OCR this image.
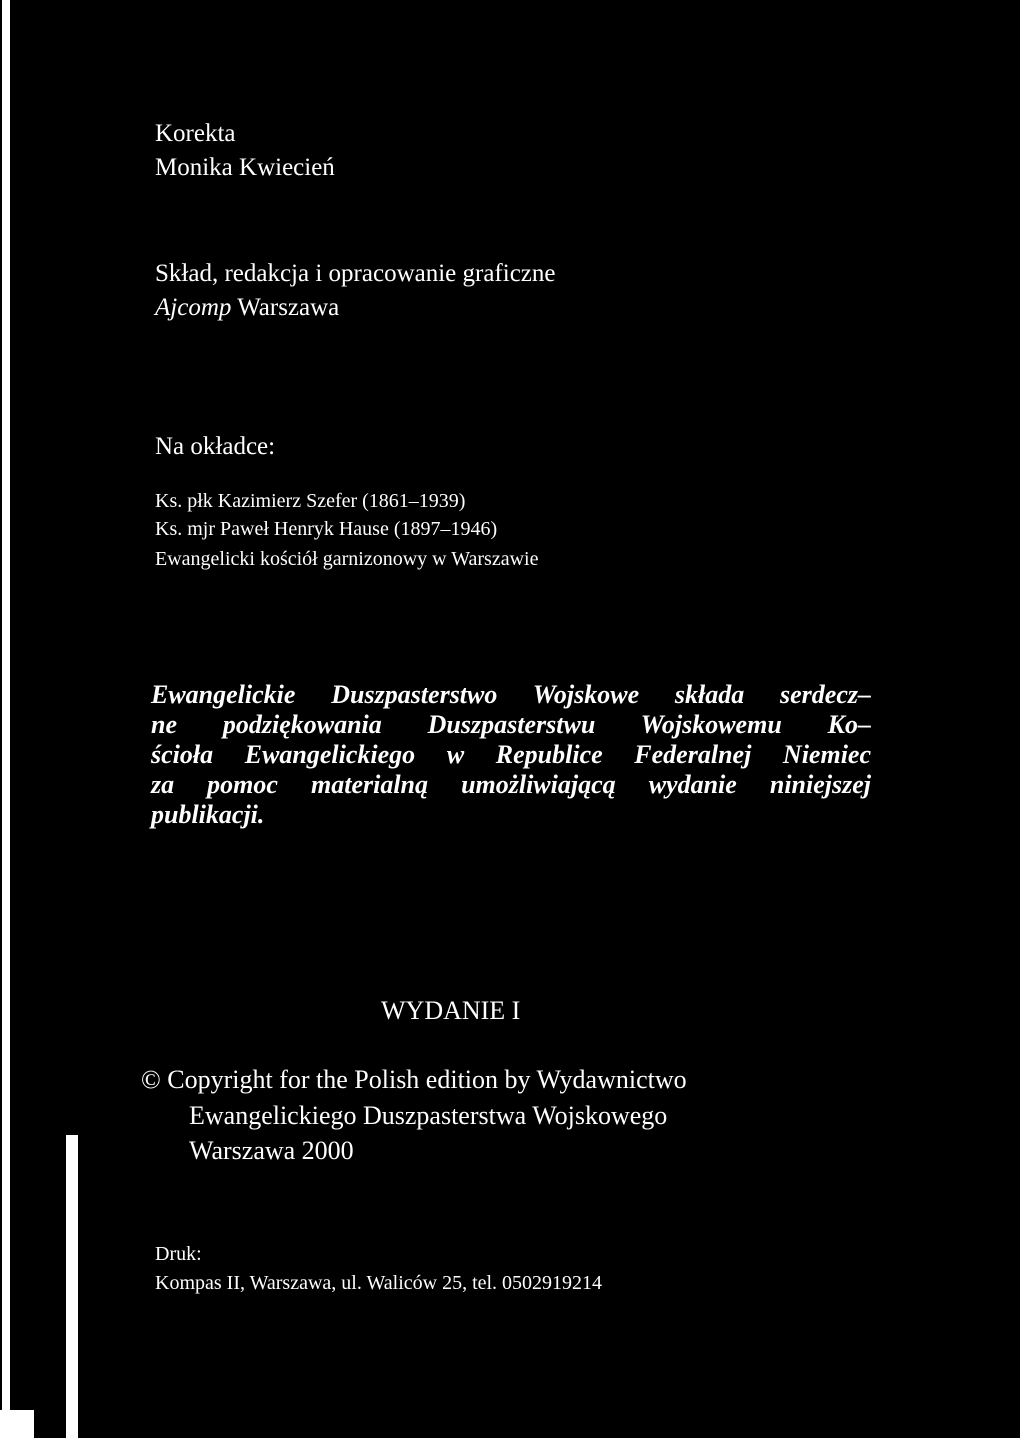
Korekta
Monika Kwiecień
Skład, redakcja i opracowanie graficzne
Ajcomp Warszawa
Na okładce:
Ks. płk Kazimierz Szefer (1861–1939)
Ks. mjr Paweł Henryk Hause (1897–1946)
Ewangelicki kościół garnizonowy w Warszawie
Ewangelickie Duszpasterstwo Wojskowe składa serdecz–
ne podziękowania Duszpasterstwu Wojskowemu Ko–
ścioła Ewangelickiego w Republice Federalnej Niemiec
za pomoc materialną umożliwiającą wydanie niniejszej
publikacji.
WYDANIE I
© Copyright for the Polish edition by Wydawnictwo
Ewangelickiego Duszpasterstwa Wojskowego
Warszawa 2000
Druk:
Kompas II, Warszawa, ul. Waliców 25, tel. 0502919214
